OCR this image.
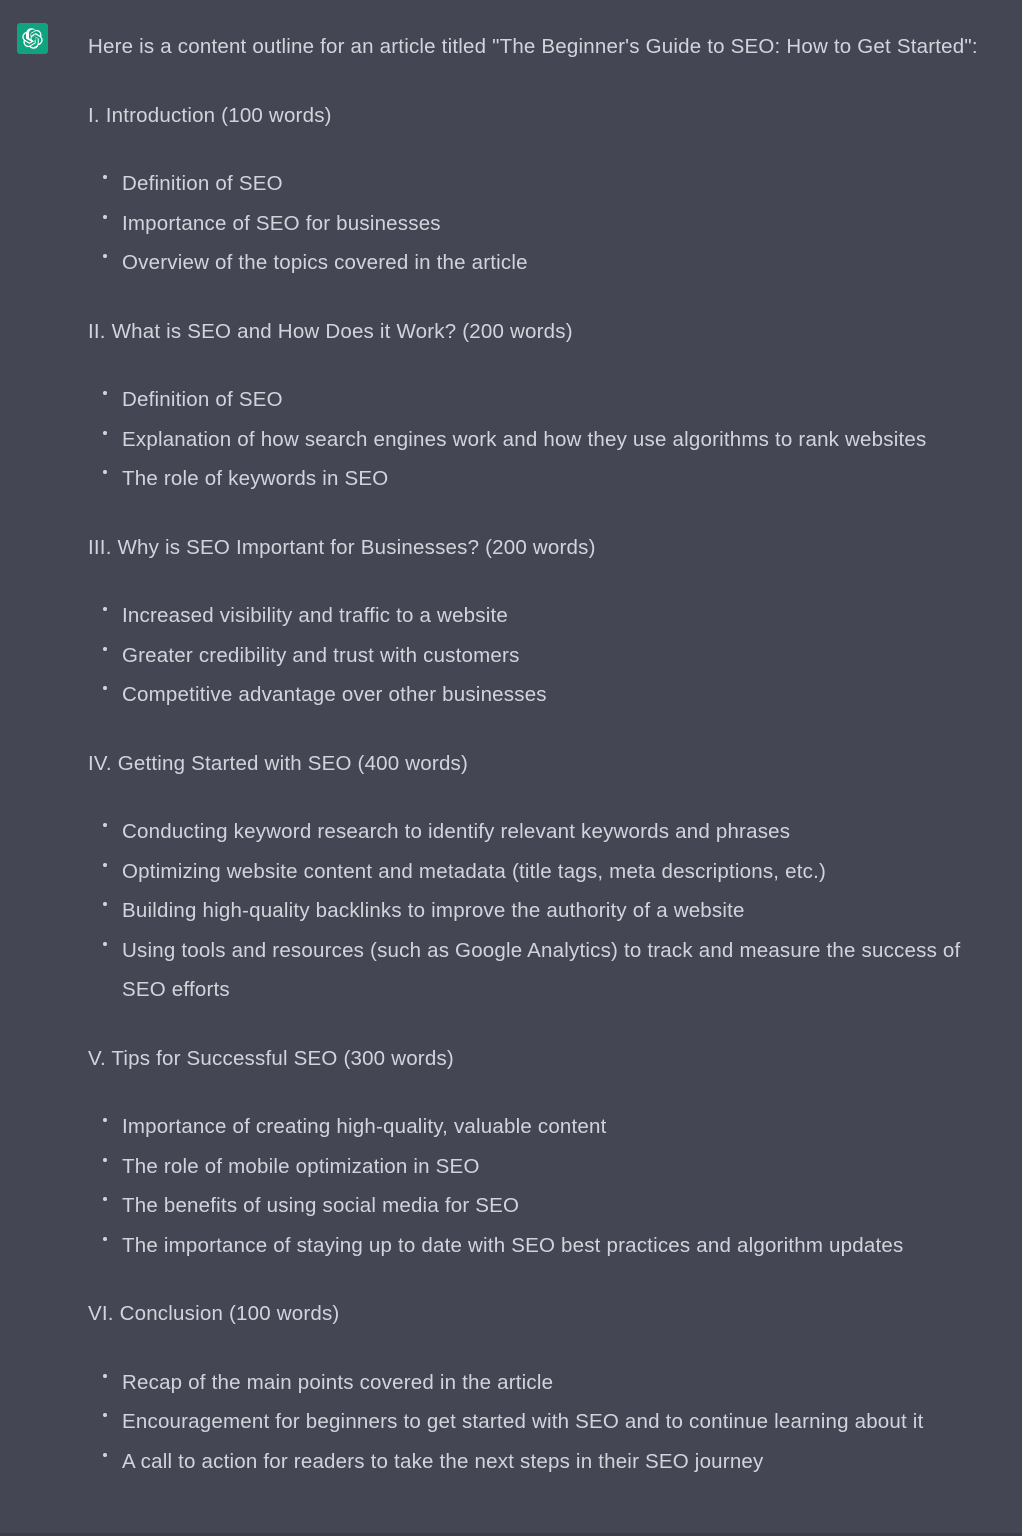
Here is a content outline for an article titled "The Beginner's Guide to SEO: How to Get Started":

I. Introduction (100 words)

Definition of SEO
Importance of SEO for businesses
Overview of the topics covered in the article

II. What is SEO and How Does it Work? (200 words)

Definition of SEO
Explanation of how search engines work and how they use algorithms to rank websites
The role of keywords in SEO

III. Why is SEO Important for Businesses? (200 words)

Increased visibility and traffic to a website
Greater credibility and trust with customers
Competitive advantage over other businesses

IV. Getting Started with SEO (400 words)

Conducting keyword research to identify relevant keywords and phrases
Optimizing website content and metadata (title tags, meta descriptions, etc.)
Building high-quality backlinks to improve the authority of a website
Using tools and resources (such as Google Analytics) to track and measure the success of SEO efforts

V. Tips for Successful SEO (300 words)

Importance of creating high-quality, valuable content
The role of mobile optimization in SEO
The benefits of using social media for SEO
The importance of staying up to date with SEO best practices and algorithm updates

VI. Conclusion (100 words)

Recap of the main points covered in the article
Encouragement for beginners to get started with SEO and to continue learning about it
A call to action for readers to take the next steps in their SEO journey
